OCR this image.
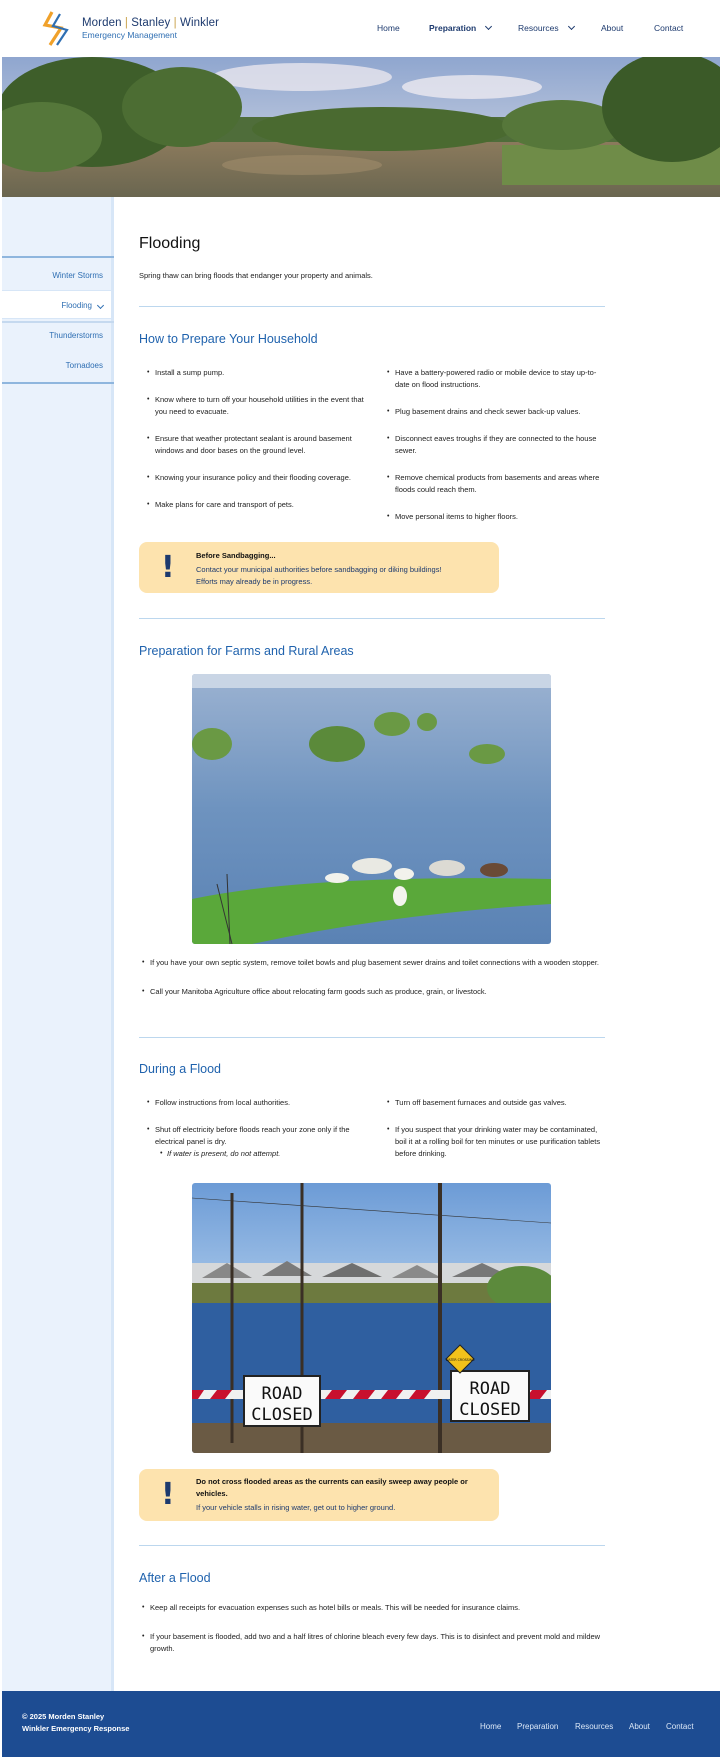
Morden | Stanley | Winkler
Emergency Management
Home	Preparation	Resources	About	Contact
Winter Storms
Flooding
Thunderstorms
Tornadoes
Flooding
Spring thaw can bring floods that endanger your property and animals.
How to Prepare Your Household
• Install a sump pump.
• Know where to turn off your household utilities in the event that you need to evacuate.
• Ensure that weather protectant sealant is around basement windows and door bases on the ground level.
• Knowing your insurance policy and their flooding coverage.
• Make plans for care and transport of pets.
• Have a battery-powered radio or mobile device to stay up-to-date on flood instructions.
• Plug basement drains and check sewer back-up values.
• Disconnect eaves troughs if they are connected to the house sewer.
• Remove chemical products from basements and areas where floods could reach them.
• Move personal items to higher floors.
!	Before Sandbagging...
Contact your municipal authorities before sandbagging or diking buildings!
Efforts may already be in progress.
Preparation for Farms and Rural Areas
• If you have your own septic system, remove toilet bowls and plug basement sewer drains and toilet connections with a wooden stopper.
• Call your Manitoba Agriculture office about relocating farm goods such as produce, grain, or livestock.
During a Flood
• Follow instructions from local authorities.
• Shut off electricity before floods reach your zone only if the electrical panel is dry.
• If water is present, do not attempt.
• Turn off basement furnaces and outside gas valves.
• If you suspect that your drinking water may be contaminated, boil it at a rolling boil for ten minutes or use purification tablets before drinking.
ROAD
CLOSED
ROAD
CLOSED
WATER CROSSING
!	Do not cross flooded areas as the currents can easily sweep away people or vehicles.
If your vehicle stalls in rising water, get out to higher ground.
After a Flood
• Keep all receipts for evacuation expenses such as hotel bills or meals. This will be needed for insurance claims.
• If your basement is flooded, add two and a half litres of chlorine bleach every few days. This is to disinfect and prevent mold and mildew growth.
© 2025 Morden Stanley Winkler Emergency Response	Home Preparation Resources About Contact
